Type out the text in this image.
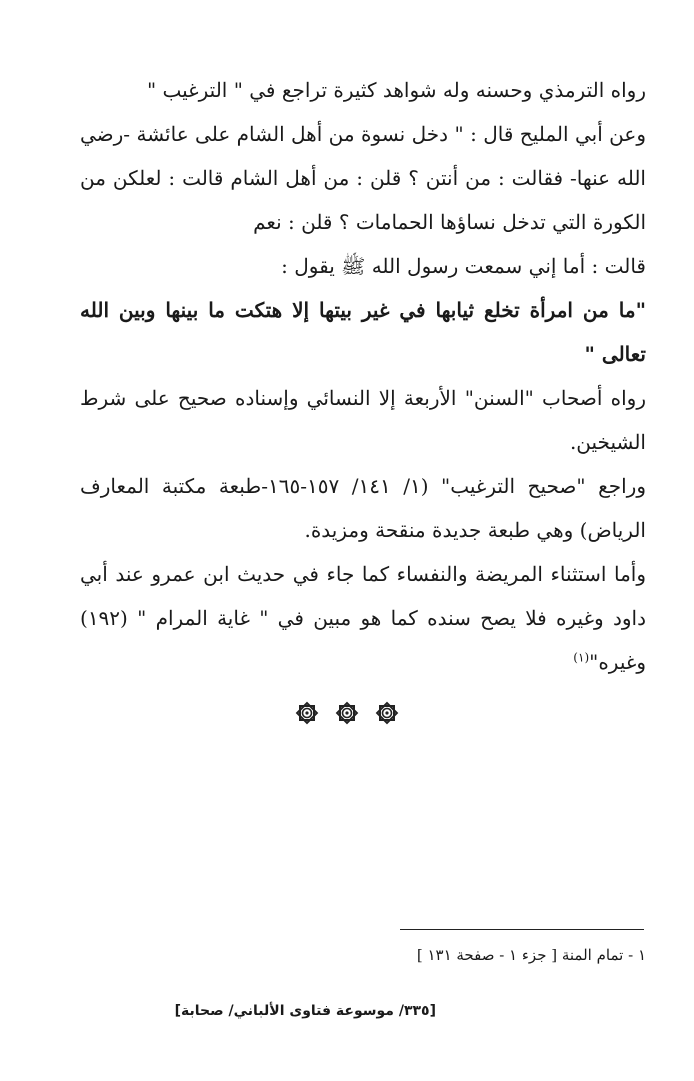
رواه الترمذي وحسنه وله شواهد كثيرة تراجع في " الترغيب "

وعن أبي المليح قال : " دخل نسوة من أهل الشام على عائشة -رضي الله عنها- فقالت : من أنتن ؟ قلن : من أهل الشام قالت : لعلكن من الكورة التي تدخل نساؤها الحمامات ؟ قلن : نعم

قالت : أما إني سمعت رسول الله ﷺ يقول :

"ما من امرأة تخلع ثيابها في غير بيتها إلا هتكت ما بينها وبين الله تعالى "

رواه أصحاب "السنن" الأربعة إلا النسائي وإسناده صحيح على شرط الشيخين.

وراجع "صحيح الترغيب" (١/ ١٤١/ ١٥٧-١٦٥-طبعة مكتبة المعارف الرياض) وهي طبعة جديدة منقحة ومزيدة.

وأما استثناء المريضة والنفساء كما جاء في حديث ابن عمرو عند أبي داود وغيره فلا يصح سنده كما هو مبين في " غاية المرام " (١٩٢) وغيره"$^{(١)}$

١ - تمام المنة [ جزء ١ - صفحة ١٣١ ]
[٣٣٥/ موسوعة فتاوى الألباني/ صحابة]
